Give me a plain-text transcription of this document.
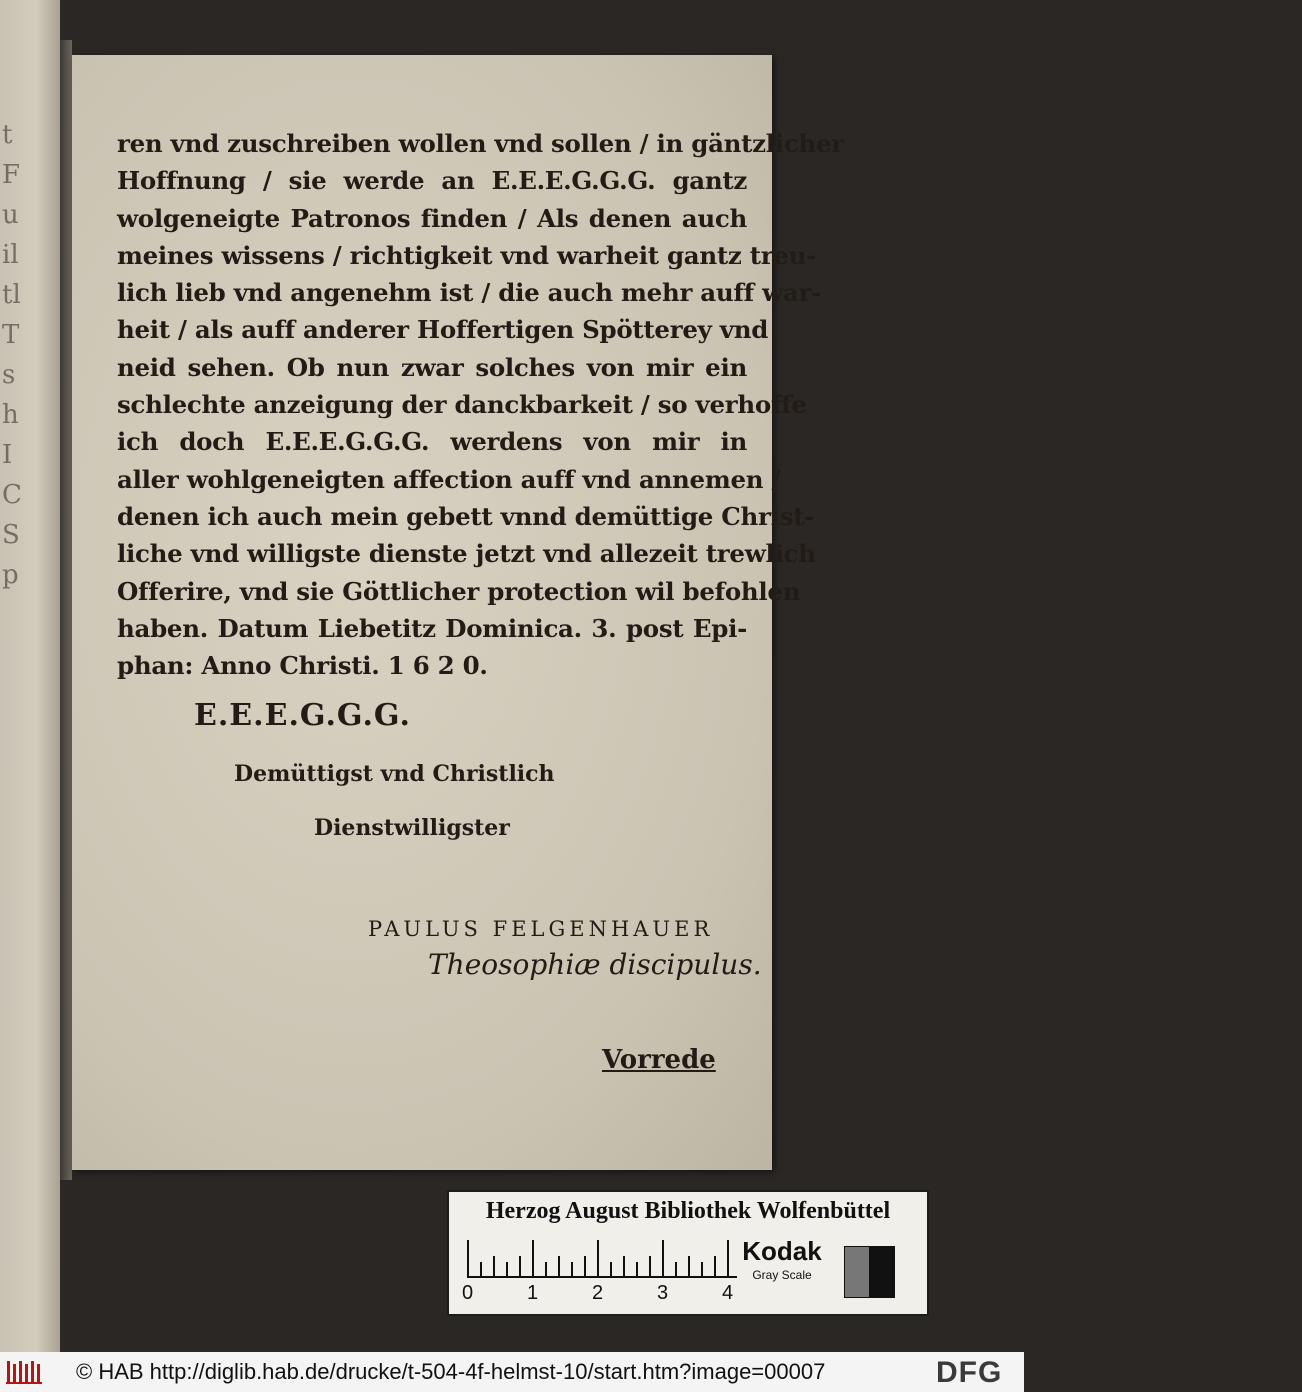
t
F
u
il
tl
T
s
h
I
C
S
p
ren vnd zuschreiben wollen vnd sollen / in gäntzlicher
Hoffnung / sie werde an E.E.E.G.G.G. gantz
wolgeneigte Patronos finden / Als denen auch
meines wissens / richtigkeit vnd warheit gantz treu-
lich lieb vnd angenehm ist / die auch mehr auff war-
heit / als auff anderer Hoffertigen Spötterey vnd
neid sehen. Ob nun zwar solches von mir ein
schlechte anzeigung der danckbarkeit / so verhoffe
ich doch E.E.E.G.G.G. werdens von mir in
aller wohlgeneigten affection auff vnd annemen /
denen ich auch mein gebett vnnd demüttige Christ-
liche vnd willigste dienste jetzt vnd allezeit trewlich
Offerire, vnd sie Göttlicher protection wil befohlen
haben. Datum Liebetitz Dominica. 3. post Epi-
phan: Anno Christi. 1 6 2 0.
E.E.E.G.G.G.
Demüttigst vnd Christlich
Dienstwilligster
PAULUS FELGENHAUER
Theosophiæ discipulus.
Vorrede
Herzog August Bibliothek Wolfenbüttel
0	1	2	3	4
Kodak
Gray Scale
© HAB http://diglib.hab.de/drucke/t-504-4f-helmst-10/start.htm?image=00007	DFG
